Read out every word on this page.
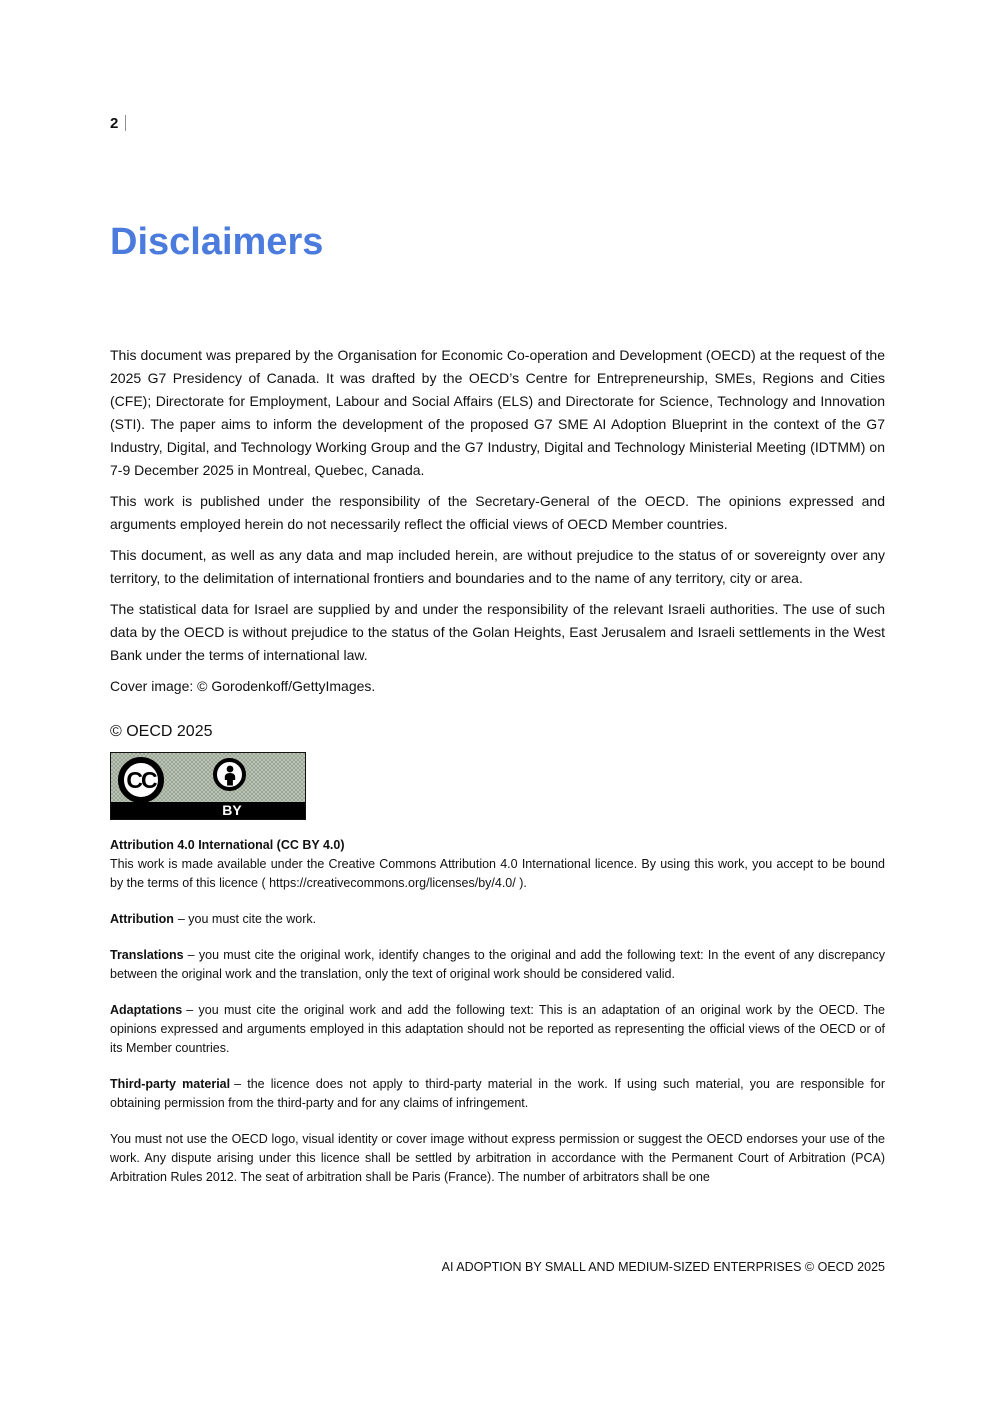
2
Disclaimers

This document was prepared by the Organisation for Economic Co-operation and Development (OECD) at the request of the 2025 G7 Presidency of Canada. It was drafted by the OECD’s Centre for Entrepreneurship, SMEs, Regions and Cities (CFE); Directorate for Employment, Labour and Social Affairs (ELS) and Directorate for Science, Technology and Innovation (STI). The paper aims to inform the development of the proposed G7 SME AI Adoption Blueprint in the context of the G7 Industry, Digital, and Technology Working Group and the G7 Industry, Digital and Technology Ministerial Meeting (IDTMM) on 7-9 December 2025 in Montreal, Quebec, Canada.

This work is published under the responsibility of the Secretary-General of the OECD. The opinions expressed and arguments employed herein do not necessarily reflect the official views of OECD Member countries.

This document, as well as any data and map included herein, are without prejudice to the status of or sovereignty over any territory, to the delimitation of international frontiers and boundaries and to the name of any territory, city or area.

The statistical data for Israel are supplied by and under the responsibility of the relevant Israeli authorities. The use of such data by the OECD is without prejudice to the status of the Golan Heights, East Jerusalem and Israeli settlements in the West Bank under the terms of international law.

Cover image: © Gorodenkoff/GettyImages.

© OECD 2025
BY
CC
Attribution 4.0 International (CC BY 4.0)

This work is made available under the Creative Commons Attribution 4.0 International licence. By using this work, you accept to be bound by the terms of this licence ( https://creativecommons.org/licenses/by/4.0/ ).

Attribution – you must cite the work.

Translations – you must cite the original work, identify changes to the original and add the following text: In the event of any discrepancy between the original work and the translation, only the text of original work should be considered valid.

Adaptations – you must cite the original work and add the following text: This is an adaptation of an original work by the OECD. The opinions expressed and arguments employed in this adaptation should not be reported as representing the official views of the OECD or of its Member countries.

Third-party material – the licence does not apply to third-party material in the work. If using such material, you are responsible for obtaining permission from the third-party and for any claims of infringement.

You must not use the OECD logo, visual identity or cover image without express permission or suggest the OECD endorses your use of the work. Any dispute arising under this licence shall be settled by arbitration in accordance with the Permanent Court of Arbitration (PCA) Arbitration Rules 2012. The seat of arbitration shall be Paris (France). The number of arbitrators shall be one

AI ADOPTION BY SMALL AND MEDIUM-SIZED ENTERPRISES © OECD 2025
